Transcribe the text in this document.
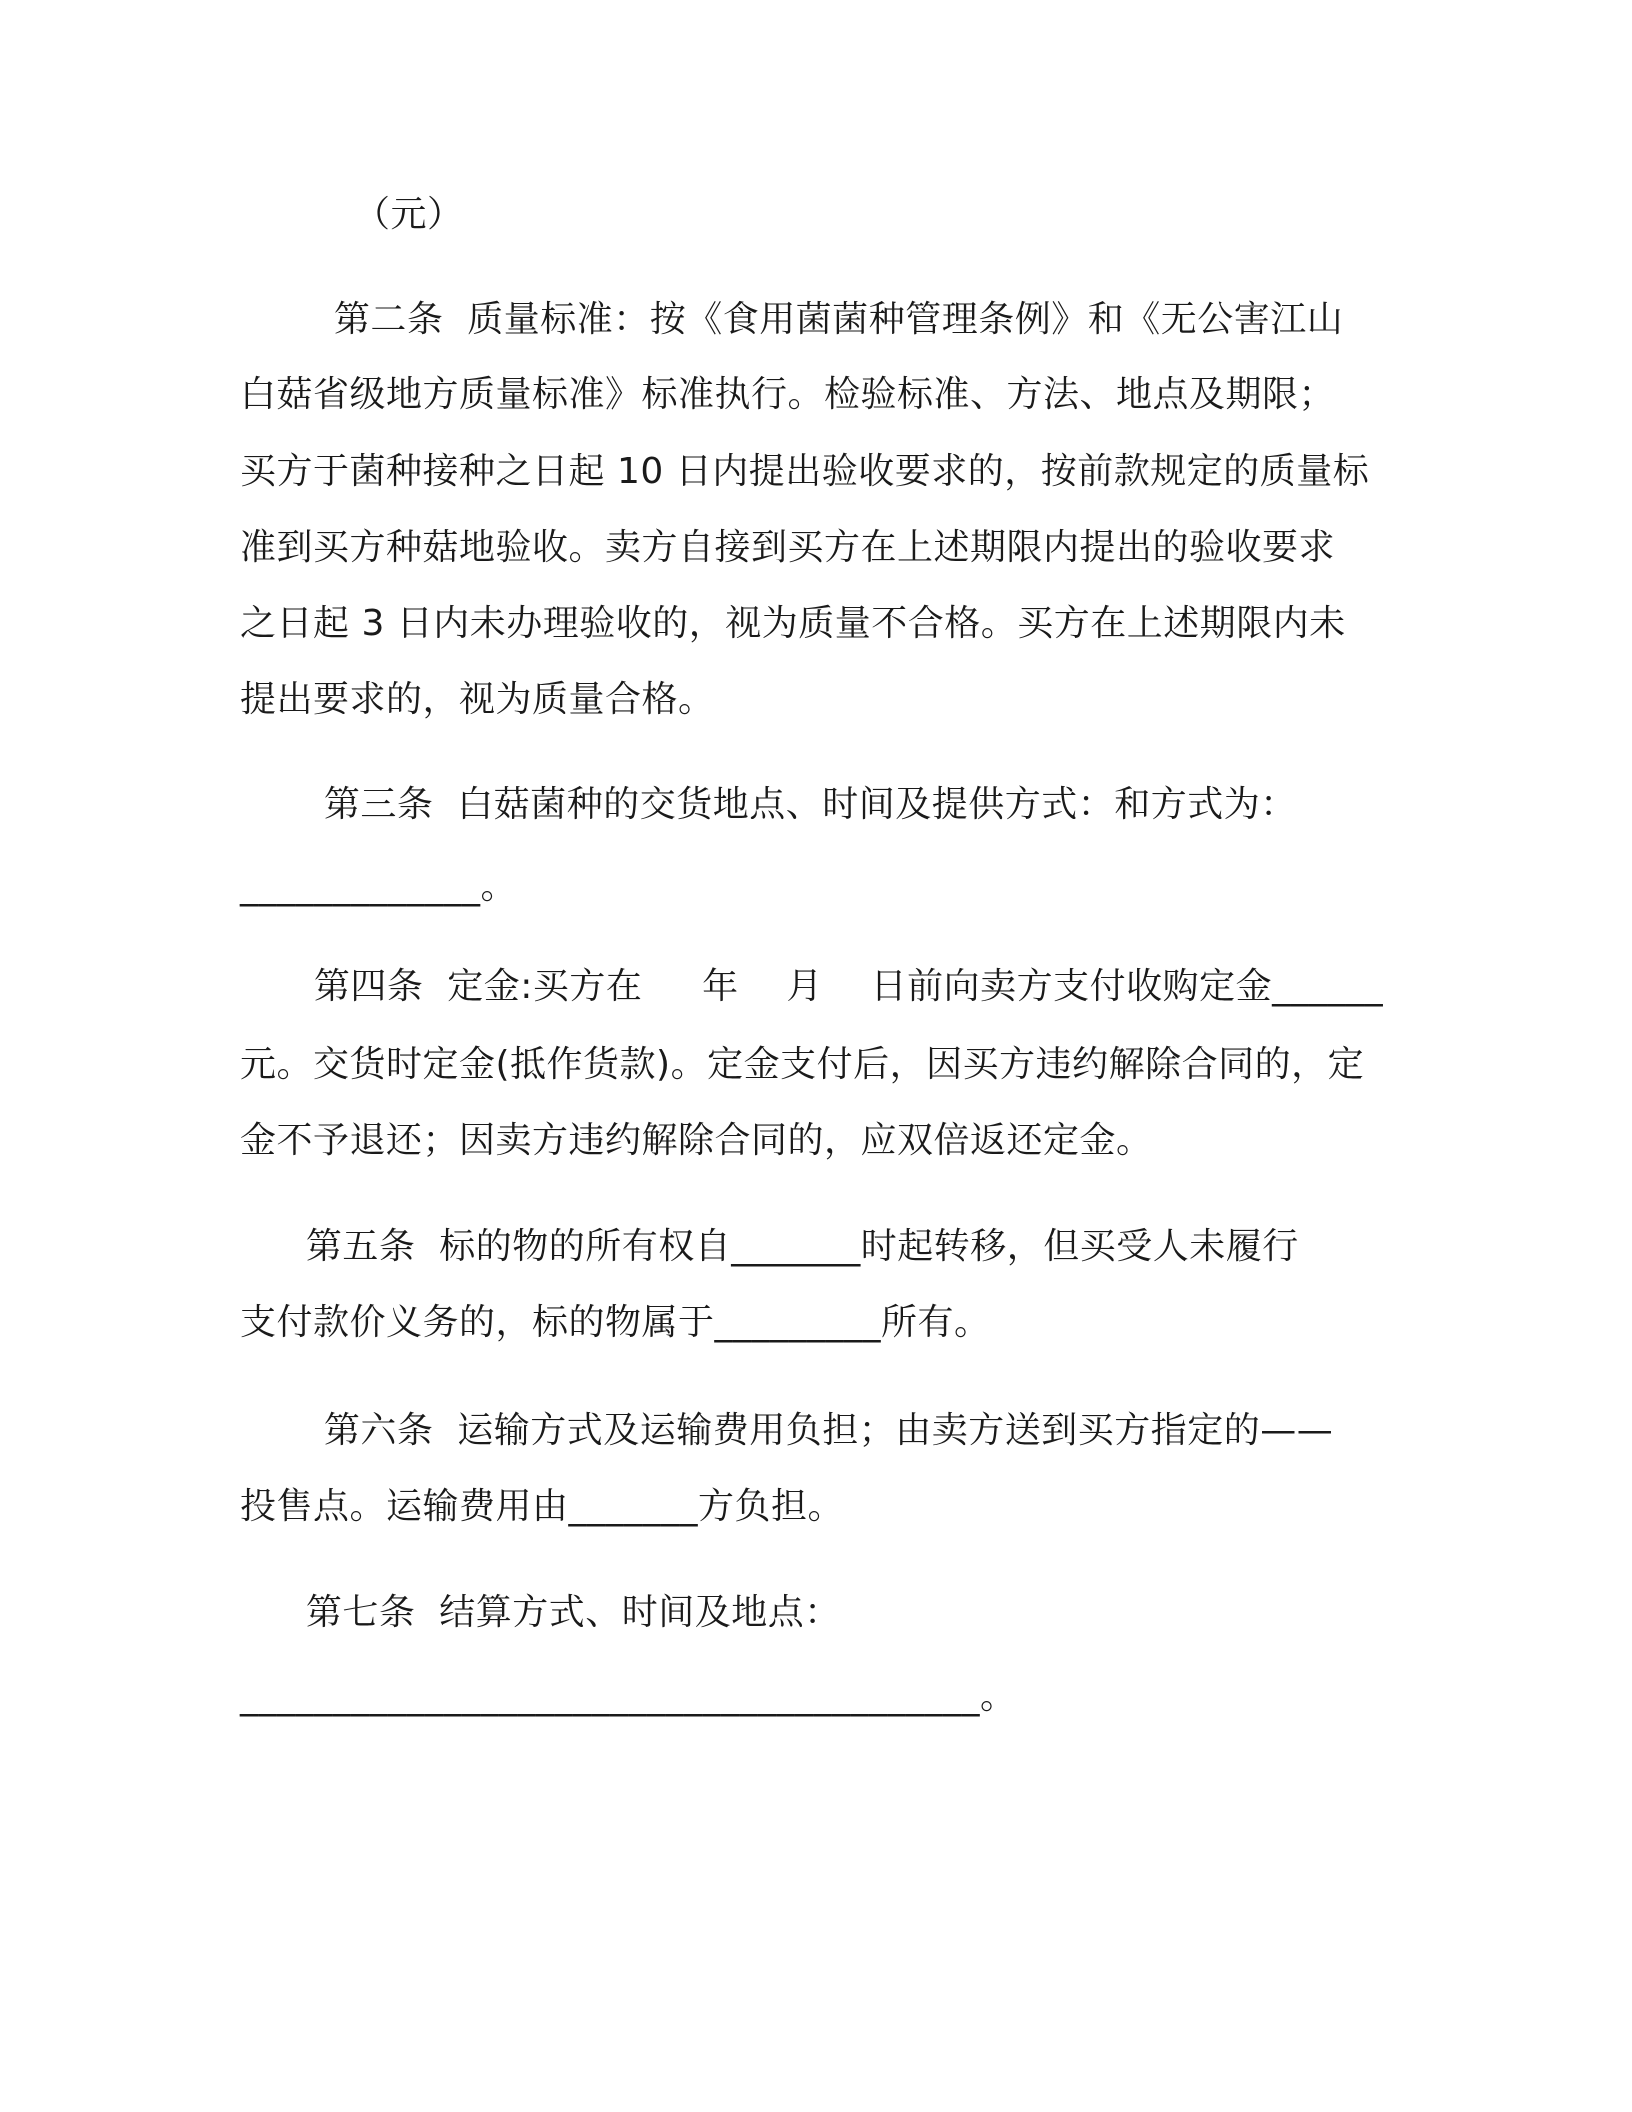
（元）
第二条  质量标准：按《食用菌菌种管理条例》和《无公害江山
白菇省级地方质量标准》标准执行。检验标准、方法、地点及期限；
买方于菌种接种之日起 10 日内提出验收要求的，按前款规定的质量标
准到买方种菇地验收。卖方自接到买方在上述期限内提出的验收要求
之日起 3 日内未办理验收的，视为质量不合格。买方在上述期限内未
提出要求的，视为质量合格。
第三条  白菇菌种的交货地点、时间及提供方式：和方式为：
_____________。
第四条  定金:买方在     年    月    日前向卖方支付收购定金______
元。交货时定金(抵作货款)。定金支付后，因买方违约解除合同的，定
金不予退还；因卖方违约解除合同的，应双倍返还定金。
第五条  标的物的所有权自_______时起转移，但买受人未履行
支付款价义务的，标的物属于_________所有。
第六条  运输方式及运输费用负担；由卖方送到买方指定的——
投售点。运输费用由_______方负担。
第七条  结算方式、时间及地点：
________________________________________。
